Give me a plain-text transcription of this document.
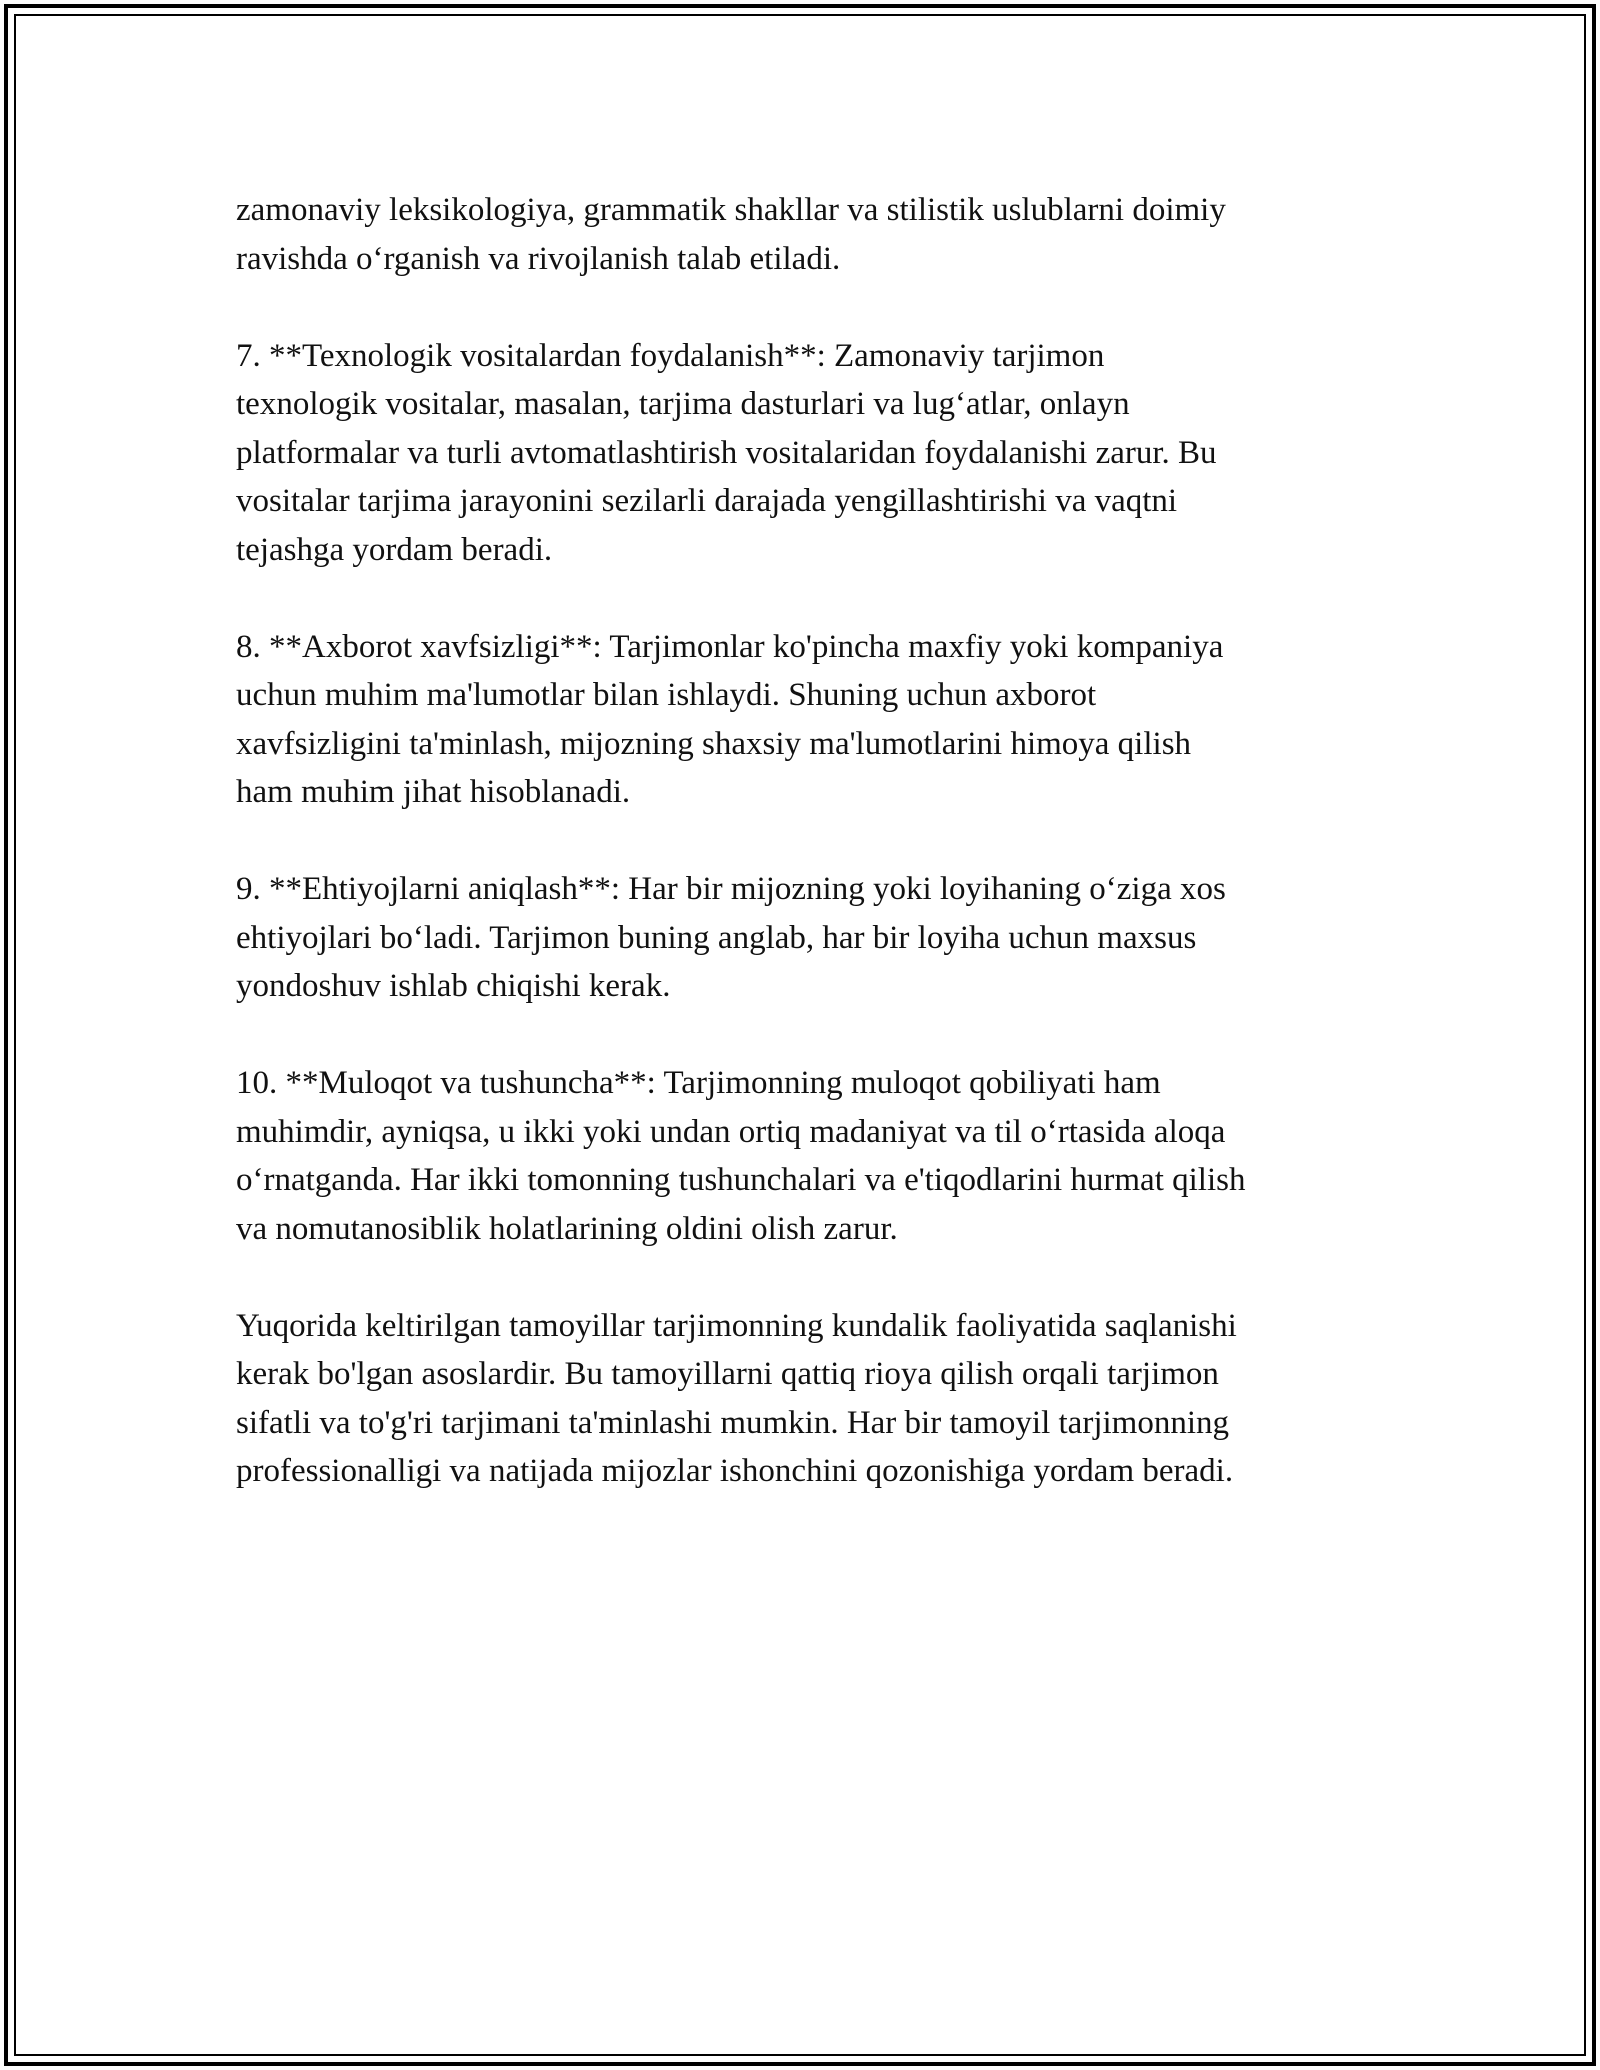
zamonaviy leksikologiya, grammatik shakllar va stilistik uslublarni doimiy
ravishda o‘rganish va rivojlanish talab etiladi.

7. **Texnologik vositalardan foydalanish**: Zamonaviy tarjimon
texnologik vositalar, masalan, tarjima dasturlari va lug‘atlar, onlayn
platformalar va turli avtomatlashtirish vositalaridan foydalanishi zarur. Bu
vositalar tarjima jarayonini sezilarli darajada yengillashtirishi va vaqtni
tejashga yordam beradi.

8. **Axborot xavfsizligi**: Tarjimonlar ko'pincha maxfiy yoki kompaniya
uchun muhim ma'lumotlar bilan ishlaydi. Shuning uchun axborot
xavfsizligini ta'minlash, mijozning shaxsiy ma'lumotlarini himoya qilish
ham muhim jihat hisoblanadi.

9. **Ehtiyojlarni aniqlash**: Har bir mijozning yoki loyihaning o‘ziga xos
ehtiyojlari bo‘ladi. Tarjimon buning anglab, har bir loyiha uchun maxsus
yondoshuv ishlab chiqishi kerak.

10. **Muloqot va tushuncha**: Tarjimonning muloqot qobiliyati ham
muhimdir, ayniqsa, u ikki yoki undan ortiq madaniyat va til o‘rtasida aloqa
o‘rnatganda. Har ikki tomonning tushunchalari va e'tiqodlarini hurmat qilish
va nomutanosiblik holatlarining oldini olish zarur.

Yuqorida keltirilgan tamoyillar tarjimonning kundalik faoliyatida saqlanishi
kerak bo'lgan asoslardir. Bu tamoyillarni qattiq rioya qilish orqali tarjimon
sifatli va to'g'ri tarjimani ta'minlashi mumkin. Har bir tamoyil tarjimonning
professionalligi va natijada mijozlar ishonchini qozonishiga yordam beradi.
